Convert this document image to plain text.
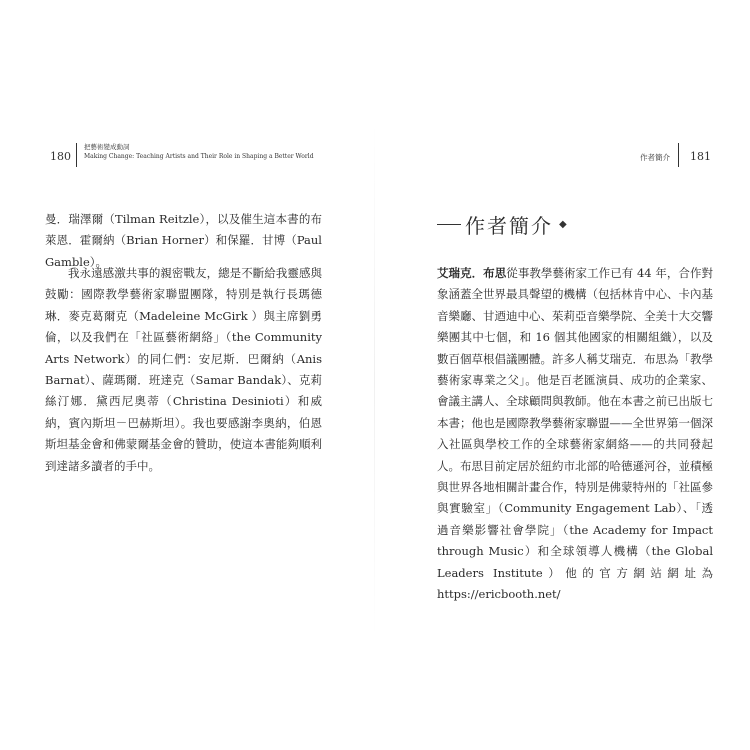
180
把藝術變成動詞
Making Change: Teaching Artists and Their Role in Shaping a Better World

曼．瑞澤爾（Tilman Reitzle），以及催生這本書的布萊恩．霍爾納（Brian Horner）和保羅．甘博（Paul Gamble）。

我永遠感激共事的親密戰友，總是不斷給我靈感與鼓勵：國際教學藝術家聯盟團隊，特別是執行長瑪德琳．麥克葛爾克（Madeleine McGirk ）與主席劉勇倫，以及我們在「社區藝術網絡」（the Community Arts Network）的同仁們：安尼斯．巴爾納（Anis Barnat）、薩瑪爾．班達克（Samar Bandak）、克莉絲汀娜．黛西尼奧蒂（Christina Desinioti）和威納，賓內斯坦－巴赫斯坦）。我也要感謝李奧納，伯恩斯坦基金會和佛蒙爾基金會的贊助，使這本書能夠順利到達諸多讀者的手中。

作者簡介 181
作者簡介 ◆

艾瑞克．布思從事教學藝術家工作已有 44 年，合作對象涵蓋全世界最具聲望的機構（包括林肯中心、卡內基音樂廳、甘迺迪中心、茱莉亞音樂學院、全美十大交響樂團其中七個，和 16 個其他國家的相關組織），以及數百個草根倡議團體。許多人稱艾瑞克．布思為「教學藝術家專業之父」。他是百老匯演員、成功的企業家、會議主講人、全球顧問與教師。他在本書之前已出版七本書；他也是國際教學藝術家聯盟——全世界第一個深入社區與學校工作的全球藝術家網絡——的共同發起人。布思目前定居於紐約市北部的哈德遜河谷，並積極與世界各地相關計畫合作，特別是佛蒙特州的「社區參與實驗室」（Community Engagement Lab）、「透過音樂影響社會學院」（the Academy for Impact through Music）和全球領導人機構（the Global Leaders Institute）他的官方網站網址為 https://ericbooth.net/
